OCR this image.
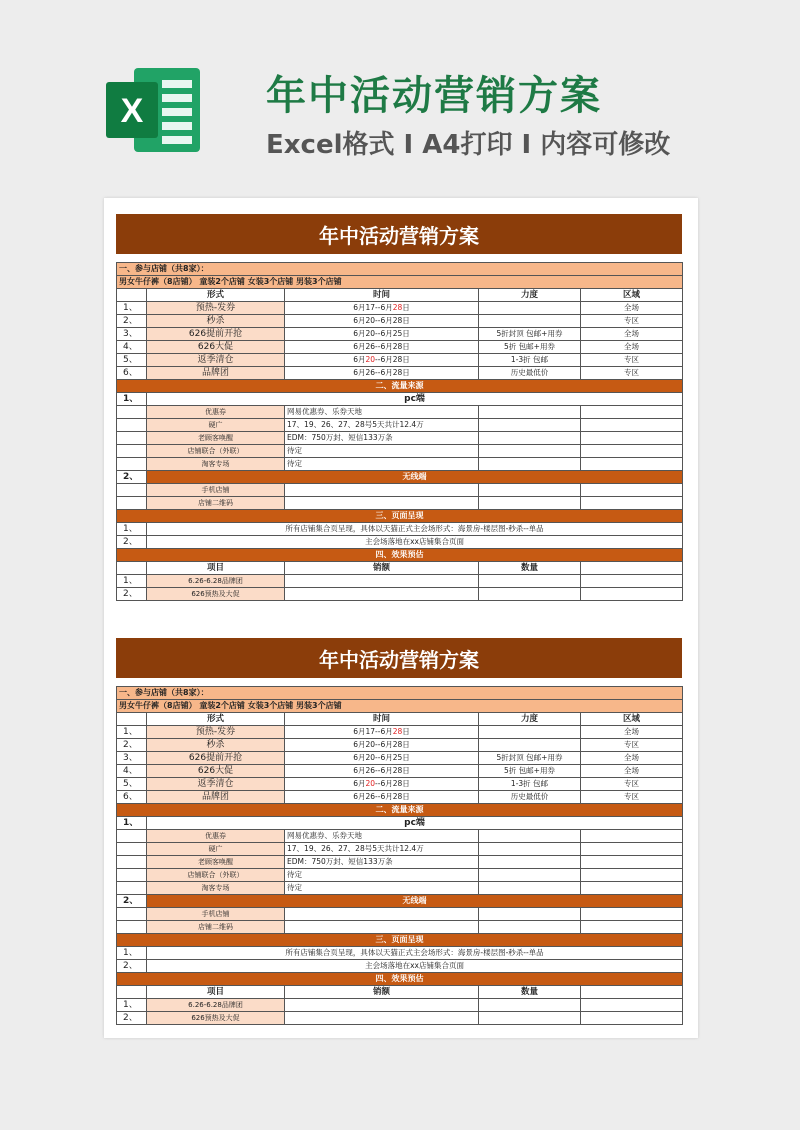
X	年中活动营销方案
Excel格式 Ⅰ A4打印 Ⅰ 内容可修改
年中活动营销方案
一、参与店铺（共8家）：				
男女牛仔裤（8店铺） 童装2个店铺 女装3个店铺 男装3个店铺				
	形式	时间	力度	区域
1、	预热-发券	6月17--6月28日		全场
2、	秒杀	6月20--6月28日		专区
3、	626提前开抢	6月20--6月25日	5折封顶 包邮+用券	全场
4、	626大促	6月26--6月28日	5折 包邮+用券	全场
5、	返季清仓	6月20--6月28日	1-3折 包邮	专区
6、	品牌团	6月26--6月28日	历史最低价	专区
二、流量来源				
1、	pc端			
	优惠券	网易优惠券、乐券天地		
	硬广	17、19、26、27、28号5天共计12.4万		
	老顾客唤醒	EDM：750万封、短信133万条		
	店铺联合（外联）	待定		
	淘客专场	待定		
2、	无线端			
	手机店铺			
	店铺二维码			
三、页面呈现				
1、	所有店铺集合页呈现，具体以天猫正式主会场形式：海景房-楼层图-秒杀--单品			
2、	主会场落地在xx店铺集合页面			
四、效果预估				
	项目	销额	数量	
1、	6.26-6.28品牌团			
2、	626预热及大促			
年中活动营销方案
一、参与店铺（共8家）：				
男女牛仔裤（8店铺） 童装2个店铺 女装3个店铺 男装3个店铺				
	形式	时间	力度	区域
1、	预热-发券	6月17--6月28日		全场
2、	秒杀	6月20--6月28日		专区
3、	626提前开抢	6月20--6月25日	5折封顶 包邮+用券	全场
4、	626大促	6月26--6月28日	5折 包邮+用券	全场
5、	返季清仓	6月20--6月28日	1-3折 包邮	专区
6、	品牌团	6月26--6月28日	历史最低价	专区
二、流量来源				
1、	pc端			
	优惠券	网易优惠券、乐券天地		
	硬广	17、19、26、27、28号5天共计12.4万		
	老顾客唤醒	EDM：750万封、短信133万条		
	店铺联合（外联）	待定		
	淘客专场	待定		
2、	无线端			
	手机店铺			
	店铺二维码			
三、页面呈现				
1、	所有店铺集合页呈现，具体以天猫正式主会场形式：海景房-楼层图-秒杀--单品			
2、	主会场落地在xx店铺集合页面			
四、效果预估				
	项目	销额	数量	
1、	6.26-6.28品牌团			
2、	626预热及大促			
